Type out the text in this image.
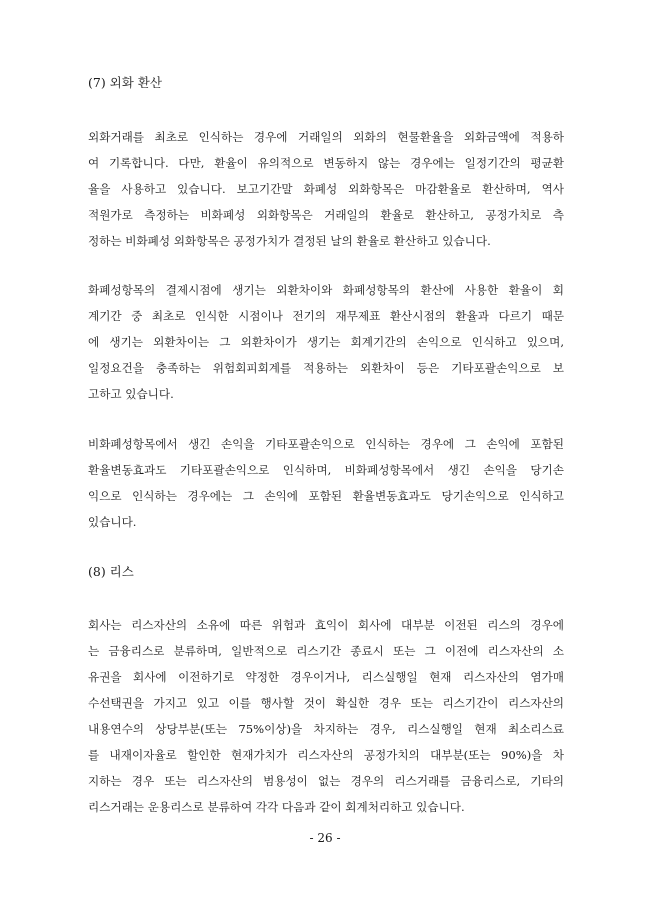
(7) 외화 환산
외화거래를 최초로 인식하는 경우에 거래일의 외화의 현물환율을 외화금액에 적용하
여 기록합니다. 다만, 환율이 유의적으로 변동하지 않는 경우에는 일정기간의 평균환
율을 사용하고 있습니다. 보고기간말 화폐성 외화항목은 마감환율로 환산하며, 역사
적원가로 측정하는 비화폐성 외화항목은 거래일의 환율로 환산하고, 공정가치로 측
정하는 비화폐성 외화항목은 공정가치가 결정된 날의 환율로 환산하고 있습니다.
화폐성항목의 결제시점에 생기는 외환차이와 화폐성항목의 환산에 사용한 환율이 회
계기간 중 최초로 인식한 시점이나 전기의 재무제표 환산시점의 환율과 다르기 때문
에 생기는 외환차이는 그 외환차이가 생기는 회계기간의 손익으로 인식하고 있으며,
일정요건을 충족하는 위험회피회계를 적용하는 외환차이 등은 기타포괄손익으로 보
고하고 있습니다.
비화폐성항목에서 생긴 손익을 기타포괄손익으로 인식하는 경우에 그 손익에 포함된
환율변동효과도 기타포괄손익으로 인식하며, 비화폐성항목에서 생긴 손익을 당기손
익으로 인식하는 경우에는 그 손익에 포함된 환율변동효과도 당기손익으로 인식하고
있습니다.
(8) 리스
회사는 리스자산의 소유에 따른 위험과 효익이 회사에 대부분 이전된 리스의 경우에
는 금융리스로 분류하며, 일반적으로 리스기간 종료시 또는 그 이전에 리스자산의 소
유권을 회사에 이전하기로 약정한 경우이거나, 리스실행일 현재 리스자산의 염가매
수선택권을 가지고 있고 이를 행사할 것이 확실한 경우 또는 리스기간이 리스자산의
내용연수의 상당부분(또는 75%이상)을 차지하는 경우, 리스실행일 현재 최소리스료
를 내재이자율로 할인한 현재가치가 리스자산의 공정가치의 대부분(또는 90%)을 차
지하는 경우 또는 리스자산의 범용성이 없는 경우의 리스거래를 금융리스로, 기타의
리스거래는 운용리스로 분류하여 각각 다음과 같이 회계처리하고 있습니다.
- 26 -
